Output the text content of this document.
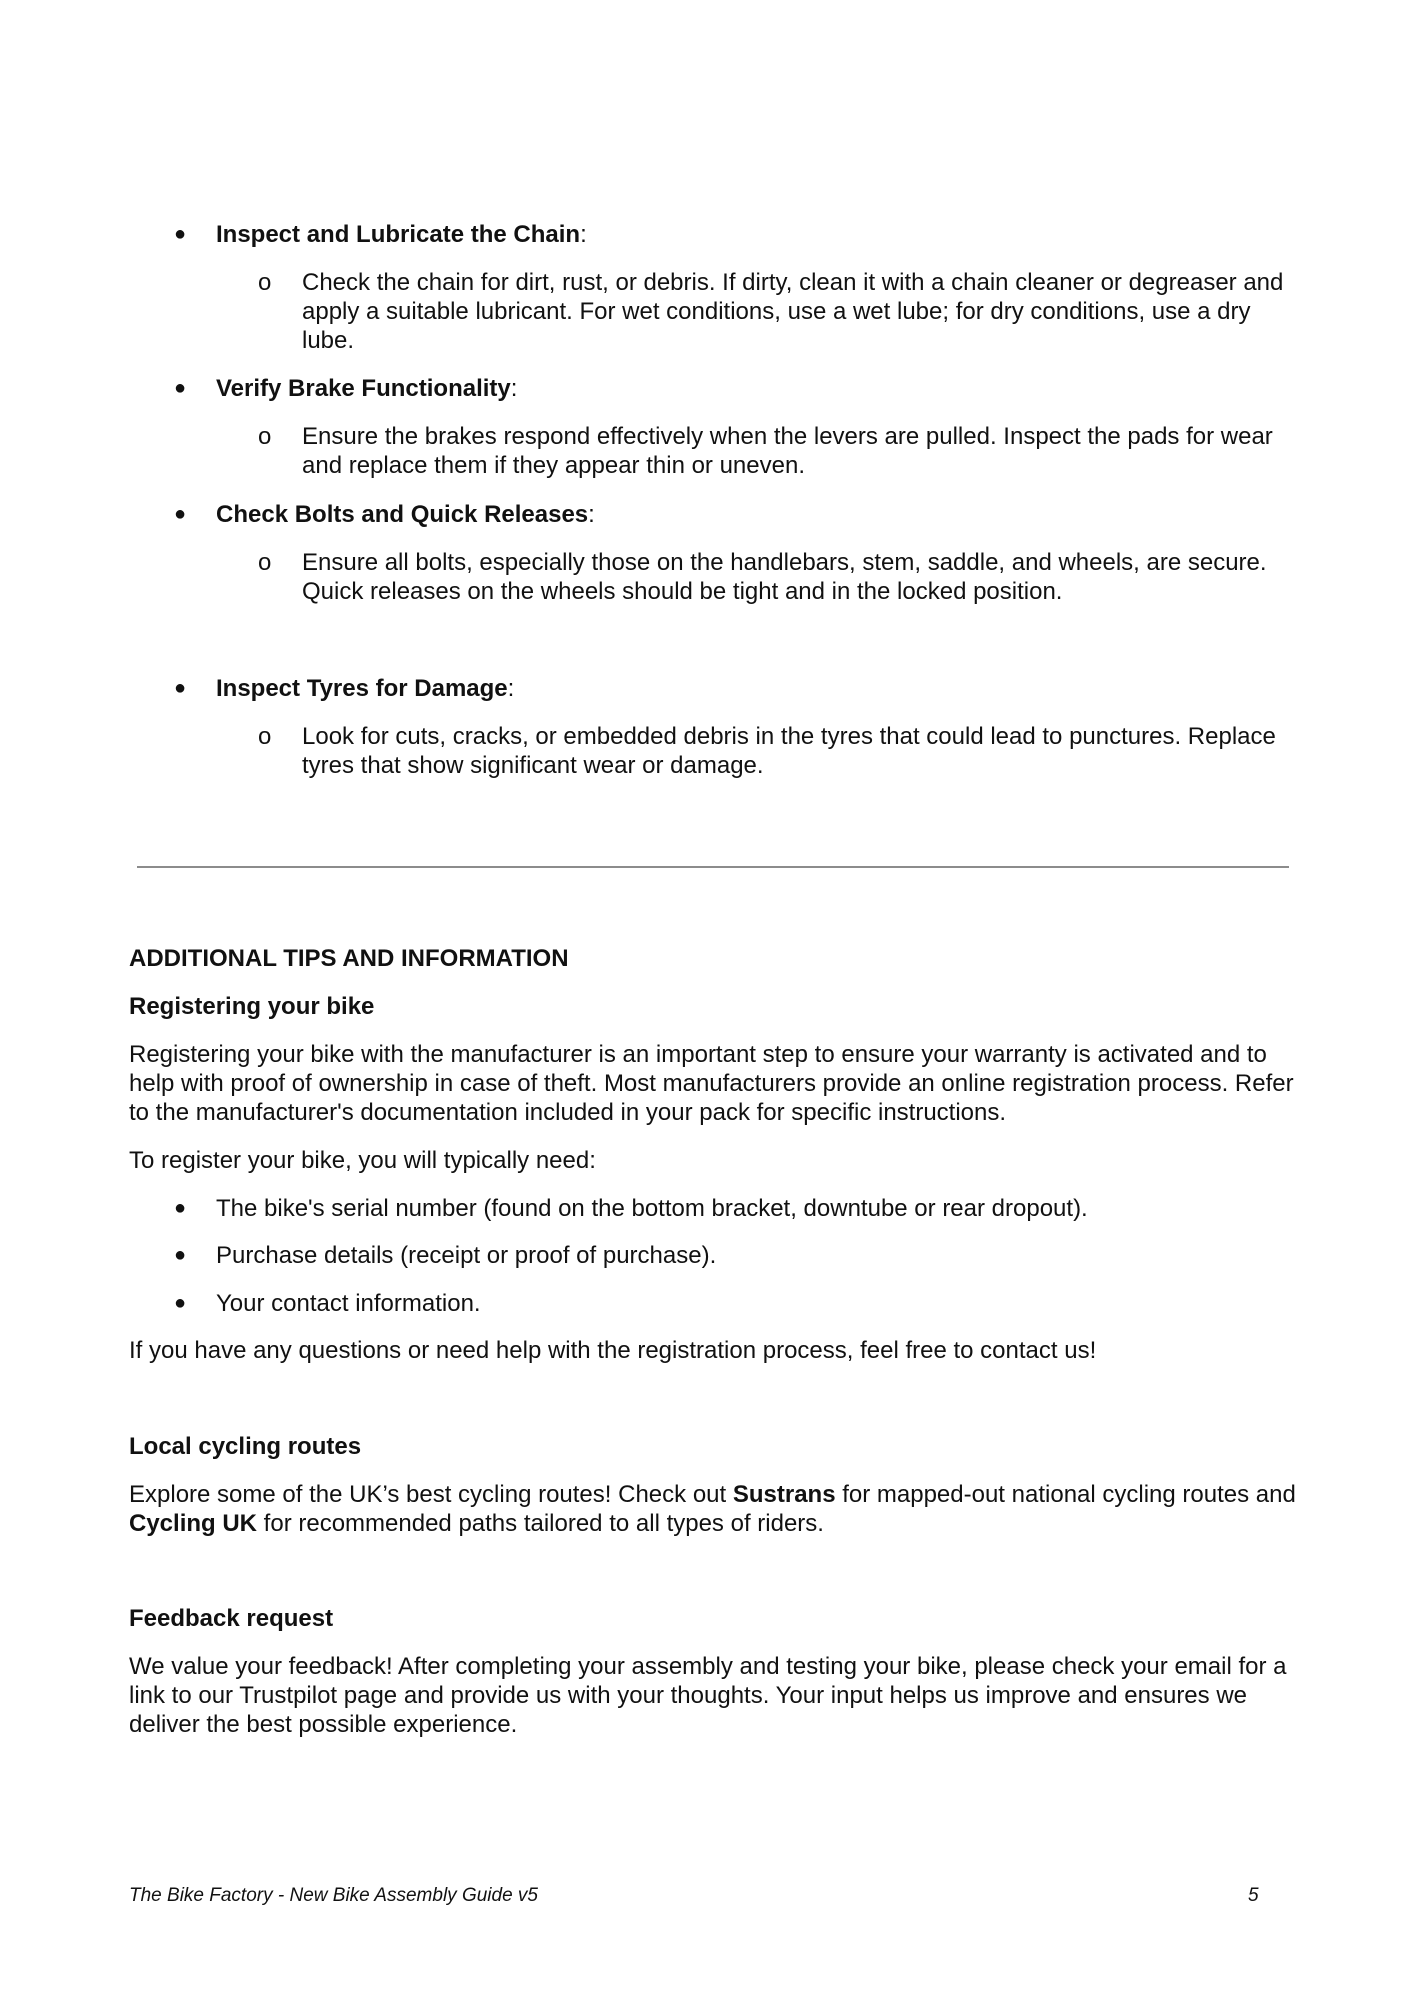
● Inspect and Lubricate the Chain:
o Check the chain for dirt, rust, or debris. If dirty, clean it with a chain cleaner or degreaser and apply a suitable lubricant. For wet conditions, use a wet lube; for dry conditions, use a dry lube.
● Verify Brake Functionality:
o Ensure the brakes respond effectively when the levers are pulled. Inspect the pads for wear and replace them if they appear thin or uneven.
● Check Bolts and Quick Releases:
o Ensure all bolts, especially those on the handlebars, stem, saddle, and wheels, are secure. Quick releases on the wheels should be tight and in the locked position.
● Inspect Tyres for Damage:
o Look for cuts, cracks, or embedded debris in the tyres that could lead to punctures. Replace tyres that show significant wear or damage.
ADDITIONAL TIPS AND INFORMATION
Registering your bike
Registering your bike with the manufacturer is an important step to ensure your warranty is activated and to help with proof of ownership in case of theft. Most manufacturers provide an online registration process. Refer to the manufacturer's documentation included in your pack for specific instructions.
To register your bike, you will typically need:
● The bike's serial number (found on the bottom bracket, downtube or rear dropout).
● Purchase details (receipt or proof of purchase).
● Your contact information.
If you have any questions or need help with the registration process, feel free to contact us!
Local cycling routes
Explore some of the UK’s best cycling routes! Check out Sustrans for mapped-out national cycling routes and Cycling UK for recommended paths tailored to all types of riders.
Feedback request
We value your feedback! After completing your assembly and testing your bike, please check your email for a link to our Trustpilot page and provide us with your thoughts. Your input helps us improve and ensures we deliver the best possible experience.
The Bike Factory - New Bike Assembly Guide v5	5
